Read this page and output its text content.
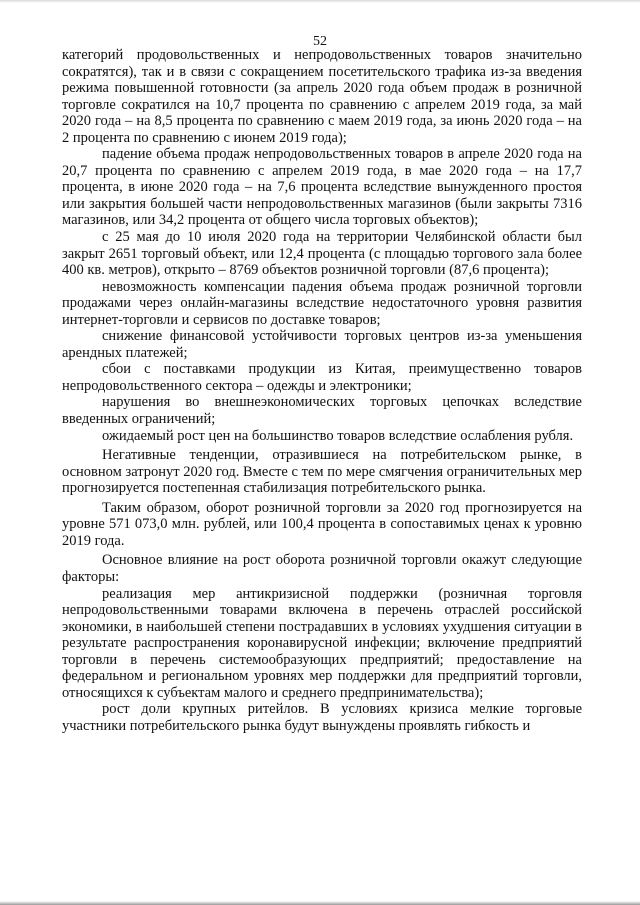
52

категорий продовольственных и непродовольственных товаров значительно сократятся), так и в связи с сокращением посетительского трафика из-за введения режима повышенной готовности (за апрель 2020 года объем продаж в розничной торговле сократился на 10,7 процента по сравнению с апрелем 2019 года, за май 2020 года – на 8,5 процента по сравнению с маем 2019 года, за июнь 2020 года – на 2 процента по сравнению с июнем 2019 года);

падение объема продаж непродовольственных товаров в апреле 2020 года на 20,7 процента по сравнению с апрелем 2019 года, в мае 2020 года – на 17,7 процента, в июне 2020 года – на 7,6 процента вследствие вынужденного простоя или закрытия большей части непродовольственных магазинов (были закрыты 7316 магазинов, или 34,2 процента от общего числа торговых объектов);

с 25 мая до 10 июля 2020 года на территории Челябинской области был закрыт 2651 торговый объект, или 12,4 процента (с площадью торгового зала более 400 кв. метров), открыто – 8769 объектов розничной торговли (87,6 процента);

невозможность компенсации падения объема продаж розничной торговли продажами через онлайн-магазины вследствие недостаточного уровня развития интернет-торговли и сервисов по доставке товаров;

снижение финансовой устойчивости торговых центров из-за уменьшения арендных платежей;

сбои с поставками продукции из Китая, преимущественно товаров непродовольственного сектора – одежды и электроники;

нарушения во внешнеэкономических торговых цепочках вследствие введенных ограничений;

ожидаемый рост цен на большинство товаров вследствие ослабления рубля.

Негативные тенденции, отразившиеся на потребительском рынке, в основном затронут 2020 год. Вместе с тем по мере смягчения ограничительных мер прогнозируется постепенная стабилизация потребительского рынка.

Таким образом, оборот розничной торговли за 2020 год прогнозируется на уровне 571 073,0 млн. рублей, или 100,4 процента в сопоставимых ценах к уровню 2019 года.

Основное влияние на рост оборота розничной торговли окажут следующие факторы:

реализация мер антикризисной поддержки (розничная торговля непродовольственными товарами включена в перечень отраслей российской экономики, в наибольшей степени пострадавших в условиях ухудшения ситуации в результате распространения коронавирусной инфекции; включение предприятий торговли в перечень системообразующих предприятий; предоставление на федеральном и региональном уровнях мер поддержки для предприятий торговли, относящихся к субъектам малого и среднего предпринимательства);

рост доли крупных ритейлов. В условиях кризиса мелкие торговые участники потребительского рынка будут вынуждены проявлять гибкость и
